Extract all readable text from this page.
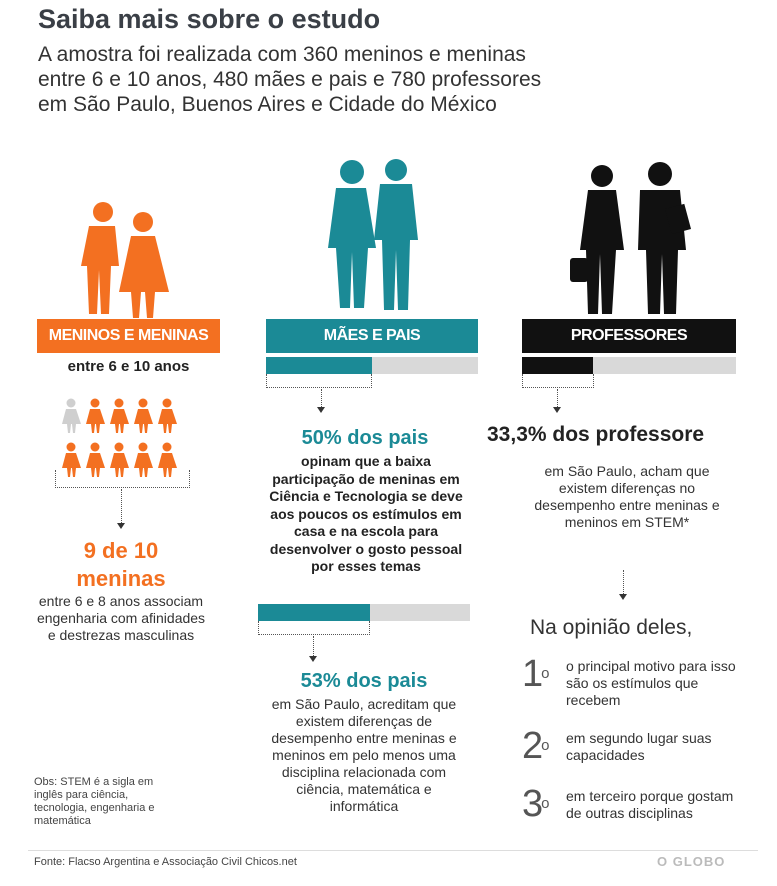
Saiba mais sobre o estudo
A amostra foi realizada com 360 meninos e meninas entre 6 e 10 anos, 480 mães e pais e 780 professores em São Paulo, Buenos Aires e Cidade do México
MENINOS E MENINAS
entre 6 e 10 anos
9 de 10
meninas
entre 6 e 8 anos associam engenharia com afinidades e destrezas masculinas
MÃES E PAIS
50% dos pais
opinam que a baixa participação de meninas em Ciência e Tecnologia se deve aos poucos os estímulos em casa e na escola para desenvolver o gosto pessoal por esses temas
53% dos pais
em São Paulo, acreditam que existem diferenças de desempenho entre meninas e meninos em pelo menos uma disciplina relacionada com ciência, matemática e informática
PROFESSORES
33,3% dos professore
em São Paulo, acham que existem diferenças no desempenho entre meninas e meninos em STEM*
Na opinião deles,
1$^o$ o principal motivo para isso são os estímulos que recebem
2$^o$ em segundo lugar suas capacidades
3$^o$ em terceiro porque gostam de outras disciplinas
Obs: STEM é a sigla em inglês para ciência, tecnologia, engenharia e matemática
Fonte: Flacso Argentina e Associação Civil Chicos.net	O GLOBO
